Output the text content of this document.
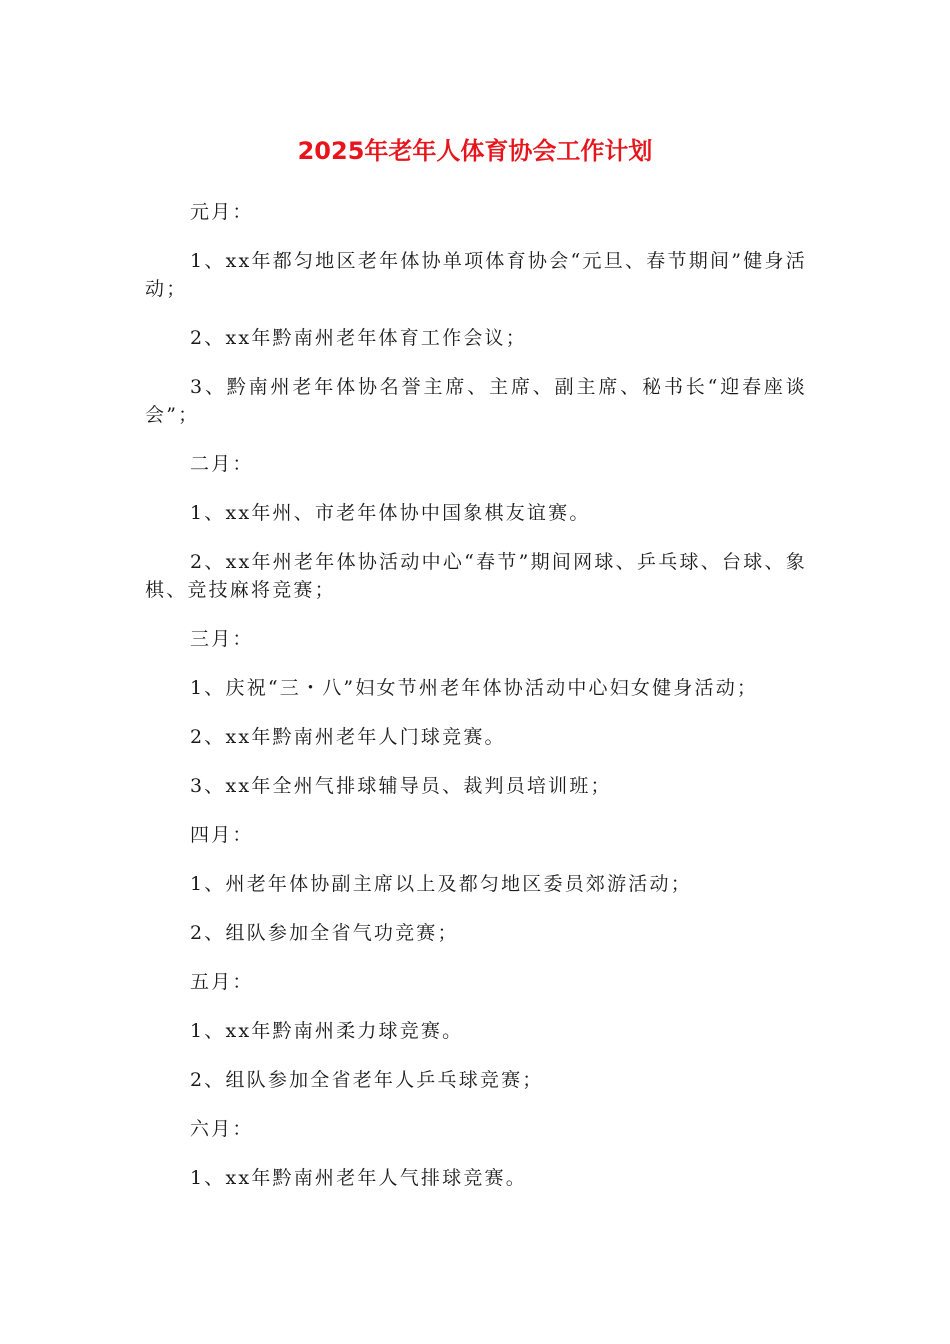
2025年老年人体育协会工作计划

元月：

1、xx年都匀地区老年体协单项体育协会“元旦、春节期间”健身活动；

2、xx年黔南州老年体育工作会议；

3、黔南州老年体协名誉主席、主席、副主席、秘书长“迎春座谈会”；

二月：

1、xx年州、市老年体协中国象棋友谊赛。

2、xx年州老年体协活动中心“春节”期间网球、乒乓球、台球、象棋、竞技麻将竞赛；

三月：

1、庆祝“三・八”妇女节州老年体协活动中心妇女健身活动；

2、xx年黔南州老年人门球竞赛。

3、xx年全州气排球辅导员、裁判员培训班；

四月：

1、州老年体协副主席以上及都匀地区委员郊游活动；

2、组队参加全省气功竞赛；

五月：

1、xx年黔南州柔力球竞赛。

2、组队参加全省老年人乒乓球竞赛；

六月：

1、xx年黔南州老年人气排球竞赛。
